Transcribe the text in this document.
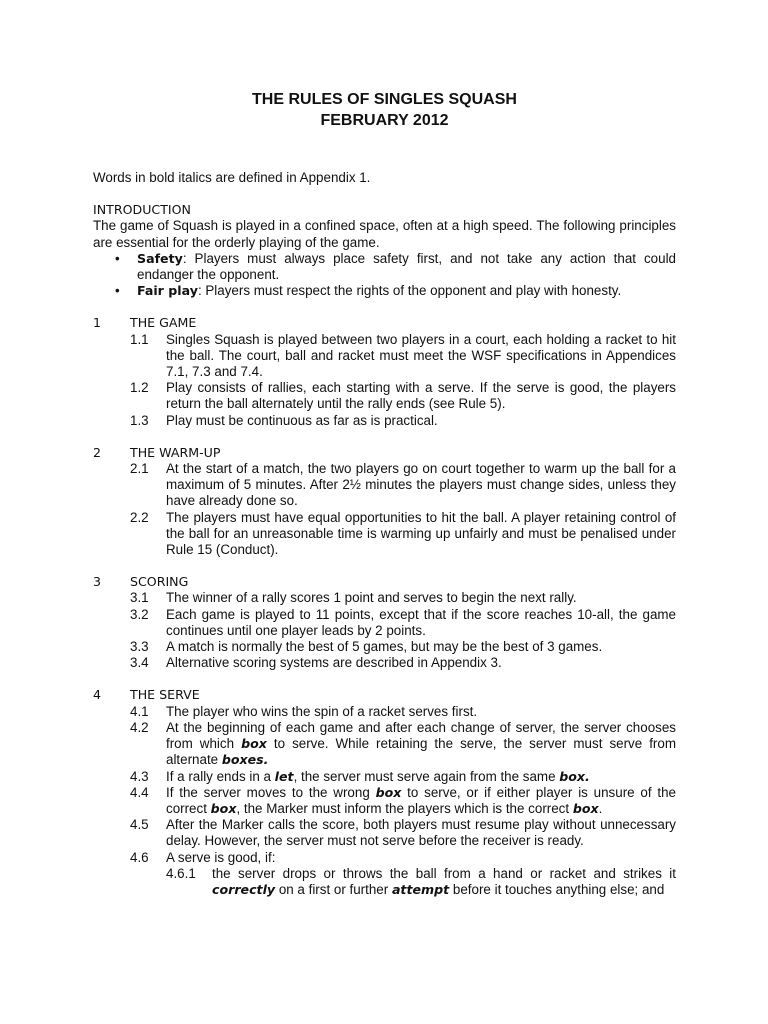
THE RULES OF SINGLES SQUASH
FEBRUARY 2012
Words in bold italics are defined in Appendix 1.
INTRODUCTION
The game of Squash is played in a confined space, often at a high speed. The following principles are essential for the orderly playing of the game.
• Safety: Players must always place safety first, and not take any action that could endanger the opponent.
• Fair play: Players must respect the rights of the opponent and play with honesty.
1 THE GAME
1.1 Singles Squash is played between two players in a court, each holding a racket to hit the ball. The court, ball and racket must meet the WSF specifications in Appendices 7.1, 7.3 and 7.4.
1.2 Play consists of rallies, each starting with a serve. If the serve is good, the players return the ball alternately until the rally ends (see Rule 5).
1.3 Play must be continuous as far as is practical.
2 THE WARM-UP
2.1 At the start of a match, the two players go on court together to warm up the ball for a maximum of 5 minutes. After 2½ minutes the players must change sides, unless they have already done so.
2.2 The players must have equal opportunities to hit the ball. A player retaining control of the ball for an unreasonable time is warming up unfairly and must be penalised under Rule 15 (Conduct).
3 SCORING
3.1 The winner of a rally scores 1 point and serves to begin the next rally.
3.2 Each game is played to 11 points, except that if the score reaches 10-all, the game continues until one player leads by 2 points.
3.3 A match is normally the best of 5 games, but may be the best of 3 games.
3.4 Alternative scoring systems are described in Appendix 3.
4 THE SERVE
4.1 The player who wins the spin of a racket serves first.
4.2 At the beginning of each game and after each change of server, the server chooses from which box to serve. While retaining the serve, the server must serve from alternate boxes.
4.3 If a rally ends in a let, the server must serve again from the same box.
4.4 If the server moves to the wrong box to serve, or if either player is unsure of the correct box, the Marker must inform the players which is the correct box.
4.5 After the Marker calls the score, both players must resume play without unnecessary delay. However, the server must not serve before the receiver is ready.
4.6 A serve is good, if:
4.6.1 the server drops or throws the ball from a hand or racket and strikes it correctly on a first or further attempt before it touches anything else; and
